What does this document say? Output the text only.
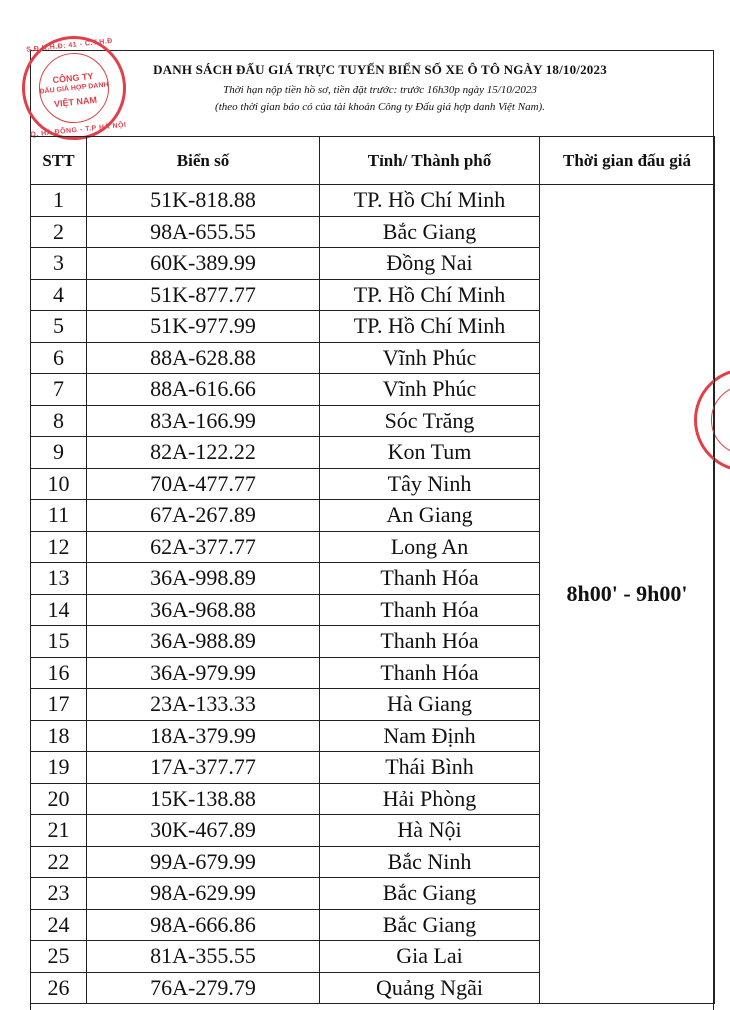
S.Đ.K.H.Đ: 41 - C.T.H.Đ
CÔNG TY
ĐẤU GIÁ HỢP DANH
VIỆT NAM
Q. HÀ ĐÔNG - T.P HÀ NỘI
DANH SÁCH ĐẤU GIÁ TRỰC TUYẾN BIỂN SỐ XE Ô TÔ NGÀY 18/10/2023
Thời hạn nộp tiền hồ sơ, tiền đặt trước: trước 16h30p ngày 15/10/2023
(theo thời gian báo có của tài khoản Công ty Đấu giá hợp danh Việt Nam).
STT	Biển số	Tỉnh/ Thành phố	Thời gian đấu giá
1	51K-818.88	TP. Hồ Chí Minh	8h00' - 9h00'
2	98A-655.55	Bắc Giang	
3	60K-389.99	Đồng Nai	
4	51K-877.77	TP. Hồ Chí Minh	
5	51K-977.99	TP. Hồ Chí Minh	
6	88A-628.88	Vĩnh Phúc	
7	88A-616.66	Vĩnh Phúc	
8	83A-166.99	Sóc Trăng	
9	82A-122.22	Kon Tum	
10	70A-477.77	Tây Ninh	
11	67A-267.89	An Giang	
12	62A-377.77	Long An	
13	36A-998.89	Thanh Hóa	
14	36A-968.88	Thanh Hóa	
15	36A-988.89	Thanh Hóa	
16	36A-979.99	Thanh Hóa	
17	23A-133.33	Hà Giang	
18	18A-379.99	Nam Định	
19	17A-377.77	Thái Bình	
20	15K-138.88	Hải Phòng	
21	30K-467.89	Hà Nội	
22	99A-679.99	Bắc Ninh	
23	98A-629.99	Bắc Giang	
24	98A-666.86	Bắc Giang	
25	81A-355.55	Gia Lai	
26	76A-279.79	Quảng Ngãi	
